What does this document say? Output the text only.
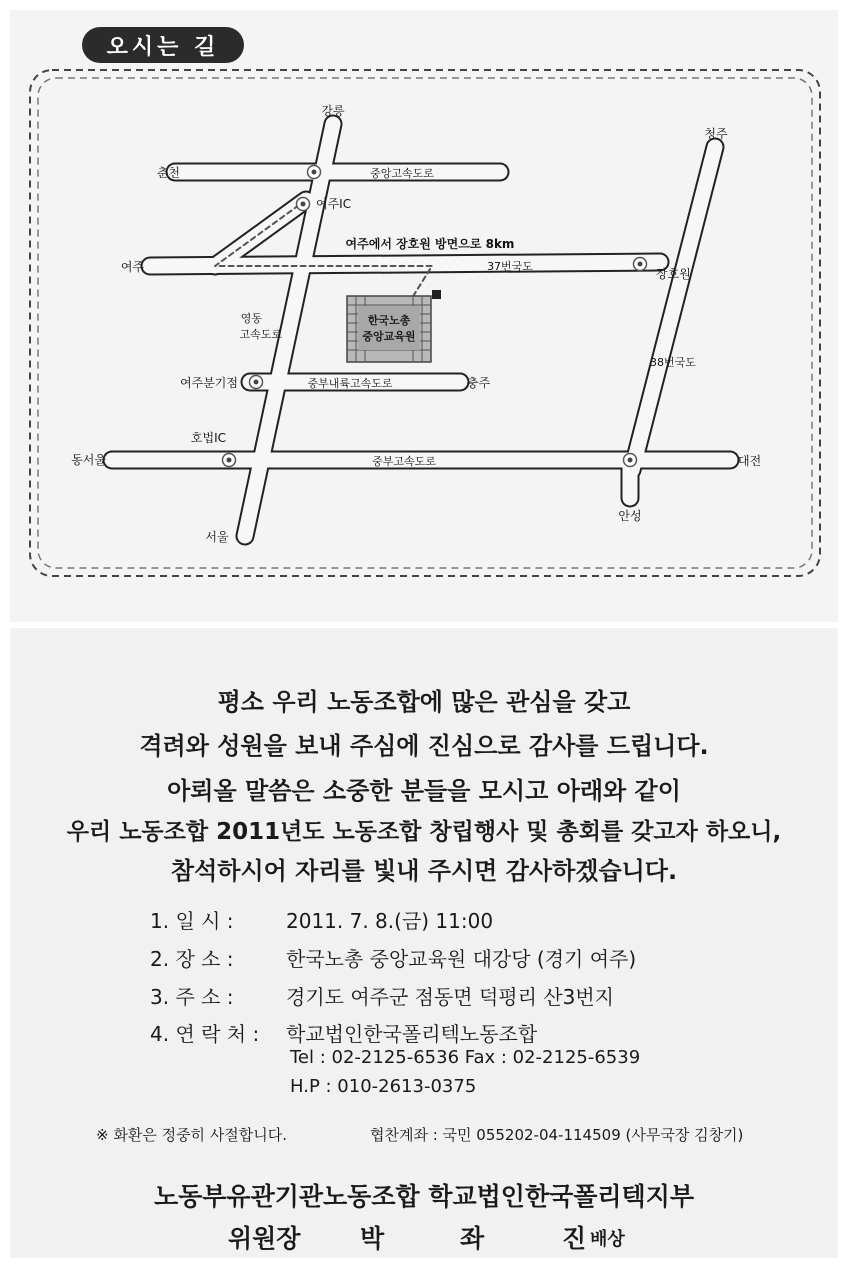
강릉
청주
춘천	중앙고속도로
여주IC
여주에서 장호원 방면으로 8km
37번국도
여주	장호원
영동
고속도로
한국노총
중앙교육원
38번국도
여주분기점	중부내륙고속도로	충주
호법IC
동서울	중부고속도로	대전
안성
서울
오시는 길
평소 우리 노동조합에 많은 관심을 갖고
격려와 성원을 보내 주심에 진심으로 감사를 드립니다.
아뢰올 말씀은 소중한 분들을 모시고 아래와 같이
우리 노동조합 2011년도 노동조합 창립행사 및 총회를 갖고자 하오니,
참석하시어 자리를 빛내 주시면 감사하겠습니다.
1. 일 시 :	2011. 7. 8.(금) 11:00
2. 장 소 :	한국노총 중앙교육원 대강당 (경기 여주)
3. 주 소 :	경기도 여주군 점동면 덕평리 산3번지
4. 연 락 처 : 학교법인한국폴리텍노동조합
Tel : 02-2125-6536 Fax : 02-2125-6539
H.P : 010-2613-0375
※ 화환은 정중히 사절합니다.	협찬계좌 : 국민 055202-04-114509 (사무국장 김창기)
노동부유관기관노동조합 학교법인한국폴리텍지부
위원장 박	좌	진 배상
